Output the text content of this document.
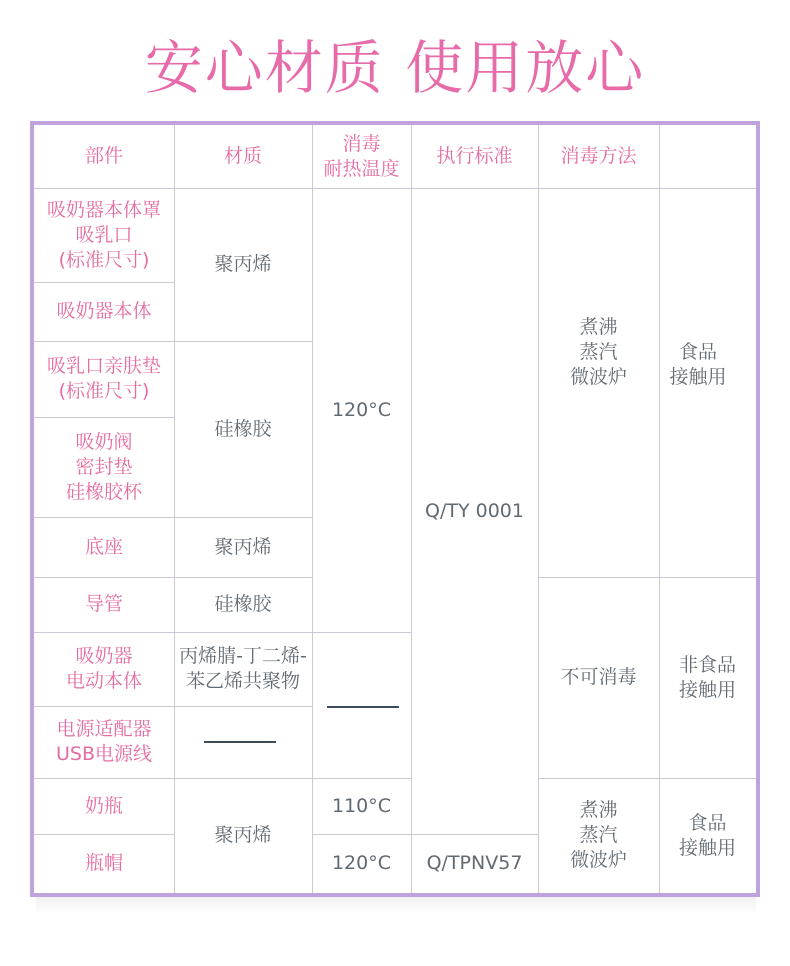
安心材质 使用放心
部件	材质
消毒
耐热温度
执行标准	消毒方法
吸奶器本体罩
吸乳口
(标准尺寸)
吸奶器本体
吸乳口亲肤垫
(标准尺寸)
吸奶阀
密封垫
硅橡胶杯
底座
导管
吸奶器
电动本体
电源适配器
USB电源线
奶瓶
瓶帽
聚丙烯
硅橡胶
聚丙烯
硅橡胶
丙烯腈-丁二烯-
苯乙烯共聚物
聚丙烯
120°C
110°C
120°C
Q/TY 0001
Q/TPNV57
煮沸
蒸汽
微波炉
不可消毒
煮沸
蒸汽
微波炉
食品
接触用
非食品
接触用
食品
接触用
